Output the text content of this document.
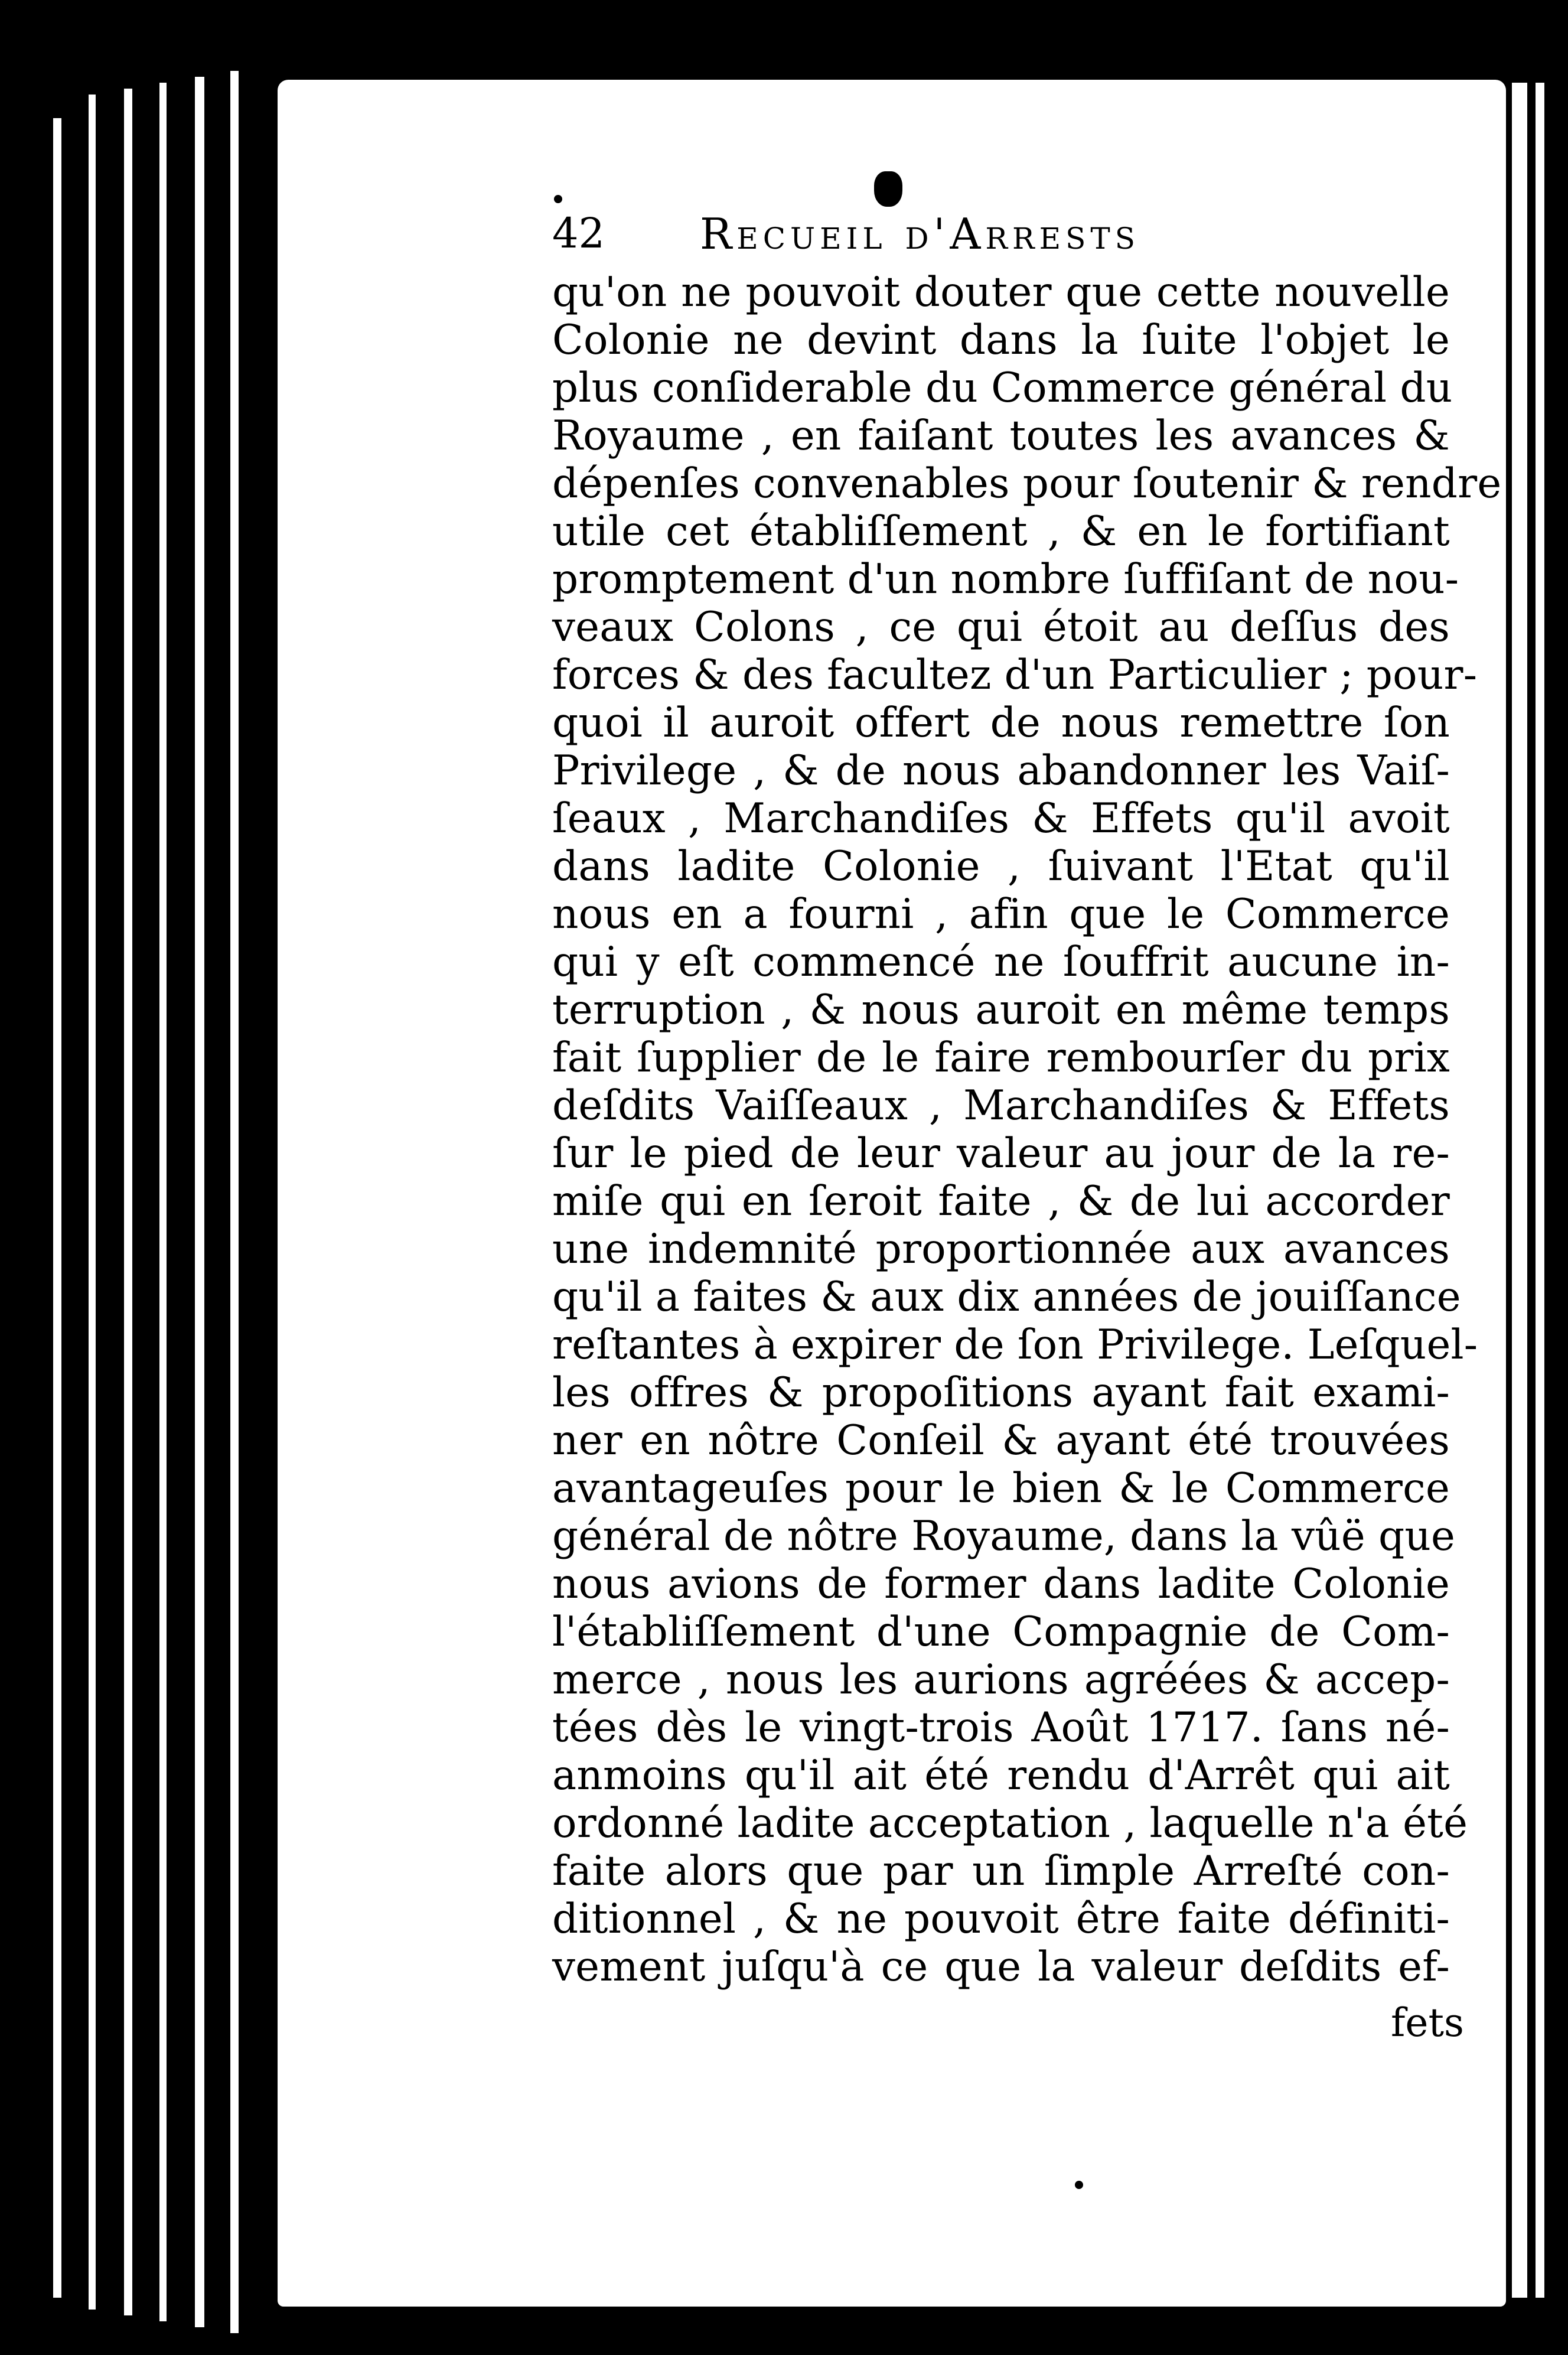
42 Recueil d'Arrests
qu'on ne pouvoit douter que cette nouvelle
Colonie ne devint dans la ſuite l'objet le
plus conſiderable du Commerce général du
Royaume , en faiſant toutes les avances &
dépenſes convenables pour ſoutenir & rendre
utile cet établiſſement , & en le fortifiant
promptement d'un nombre ſuffiſant de nou-
veaux Colons , ce qui étoit au deſſus des
forces & des facultez d'un Particulier ; pour-
quoi il auroit offert de nous remettre ſon
Privilege , & de nous abandonner les Vaiſ-
ſeaux , Marchandiſes & Effets qu'il avoit
dans ladite Colonie , ſuivant l'Etat qu'il
nous en a fourni , afin que le Commerce
qui y eſt commencé ne ſouffrit aucune in-
terruption , & nous auroit en même temps
fait ſupplier de le faire rembourſer du prix
deſdits Vaiſſeaux , Marchandiſes & Effets
ſur le pied de leur valeur au jour de la re-
miſe qui en ſeroit faite , & de lui accorder
une indemnité proportionnée aux avances
qu'il a faites & aux dix années de jouiſſance
reſtantes à expirer de ſon Privilege. Leſquel-
les offres & propoſitions ayant fait exami-
ner en nôtre Conſeil & ayant été trouvées
avantageuſes pour le bien & le Commerce
général de nôtre Royaume, dans la vûë que
nous avions de former dans ladite Colonie
l'établiſſement d'une Compagnie de Com-
merce , nous les aurions agréées & accep-
tées dès le vingt-trois Août 1717. ſans né-
anmoins qu'il ait été rendu d'Arrêt qui ait
ordonné ladite acceptation , laquelle n'a été
faite alors que par un ſimple Arreſté con-
ditionnel , & ne pouvoit être faite définiti-
vement juſqu'à ce que la valeur deſdits ef-
fets
